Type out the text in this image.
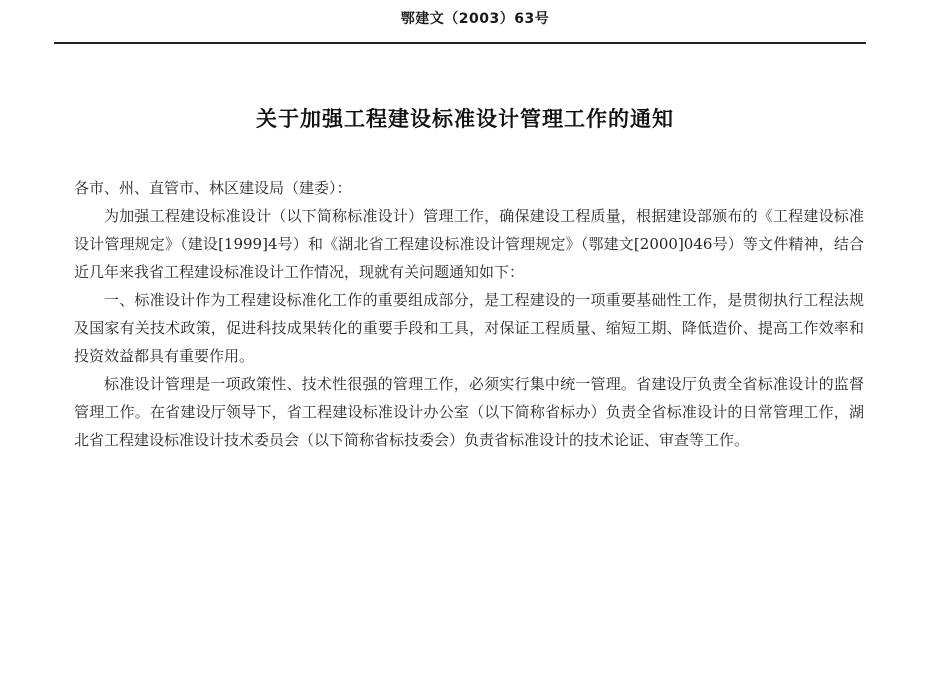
鄂建文（2003）63号
关于加强工程建设标准设计管理工作的通知

各市、州、直管市、林区建设局（建委）：

为加强工程建设标准设计（以下简称标准设计）管理工作，确保建设工程质量，根据建设部颁布的《工程建设标准设计管理规定》（建设[1999]4号）和《湖北省工程建设标准设计管理规定》（鄂建文[2000]046号）等文件精神，结合近几年来我省工程建设标准设计工作情况，现就有关问题通知如下：

一、标准设计作为工程建设标准化工作的重要组成部分，是工程建设的一项重要基础性工作，是贯彻执行工程法规及国家有关技术政策，促进科技成果转化的重要手段和工具，对保证工程质量、缩短工期、降低造价、提高工作效率和投资效益都具有重要作用。

标准设计管理是一项政策性、技术性很强的管理工作，必须实行集中统一管理。省建设厅负责全省标准设计的监督管理工作。在省建设厅领导下，省工程建设标准设计办公室（以下简称省标办）负责全省标准设计的日常管理工作，湖北省工程建设标准设计技术委员会（以下简称省标技委会）负责省标准设计的技术论证、审查等工作。
